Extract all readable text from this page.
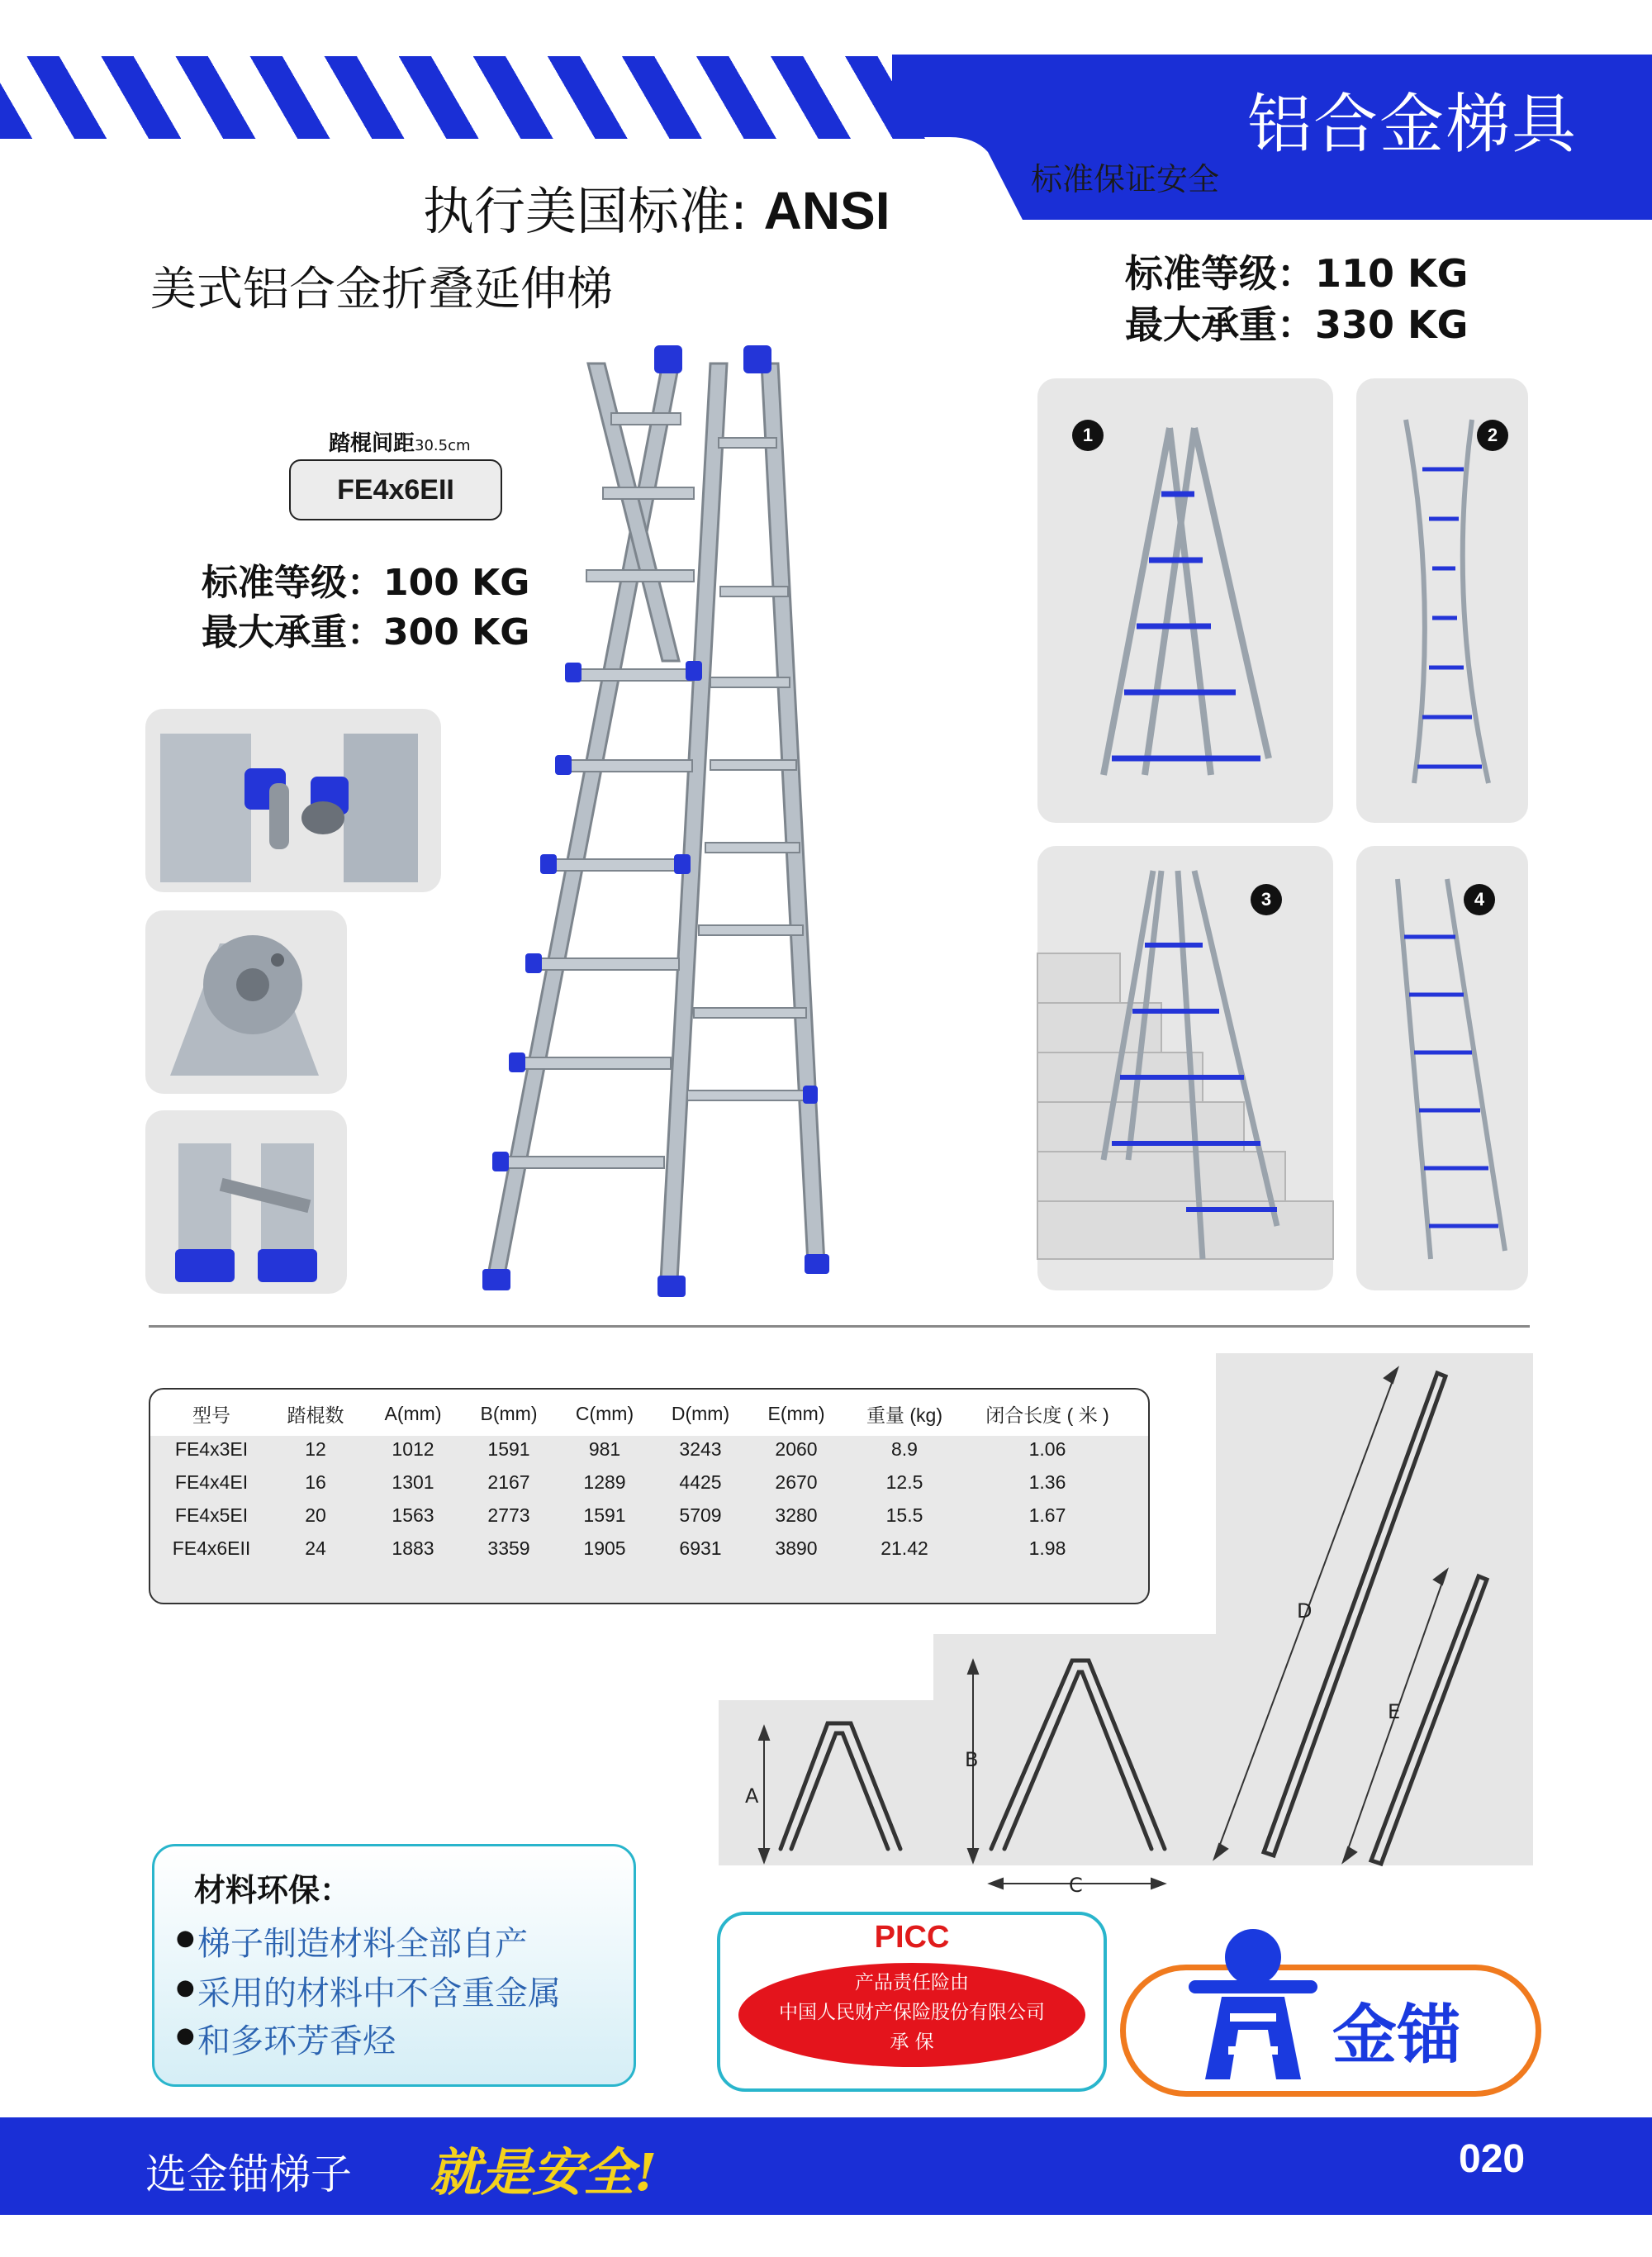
铝合金梯具
标准保证安全
执行美国标准: ANSI
美式铝合金折叠延伸梯	标准等级：110 KG
最大承重：330 KG
踏棍间距30.5cm
FE4x6EII
标准等级：100 KG
最大承重：300 KG
1	2
3	4
型号	踏棍数	A(mm)	B(mm)	C(mm)	D(mm)	E(mm)	重量 (kg)	闭合长度 ( 米 )
FE4x3EI	12	1012	1591	981	3243	2060	8.9	1.06
FE4x4EI	16	1301	2167	1289	4425	2670	12.5	1.36
FE4x5EI	20	1563	2773	1591	5709	3280	15.5	1.67
FE4x6EII	24	1883	3359	1905	6931	3890	21.42	1.98
A
B
C
D
E
材料环保：
● 梯子制造材料全部自产
● 采用的材料中不含重金属
● 和多环芳香烃
PICC
产品责任险由
中国人民财产保险股份有限公司
承 保	金锚
选金锚梯子 就是安全!	020
